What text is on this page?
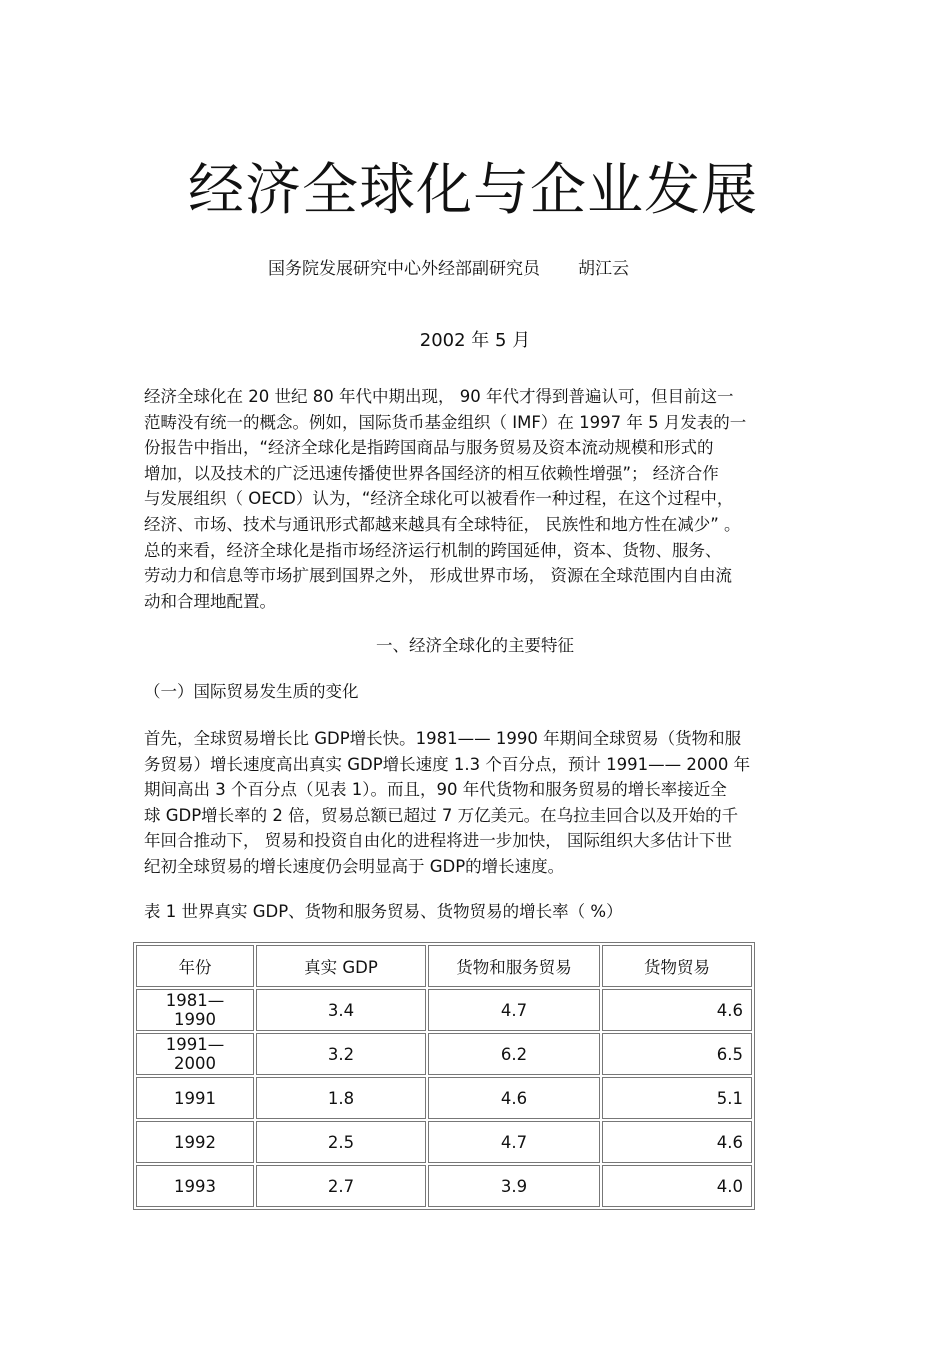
经济全球化与企业发展
国务院发展研究中心外经部副研究员 胡江云
2002 年 5 月

经济全球化在 20 世纪 80 年代中期出现， 90 年代才得到普遍认可，但目前这一
范畴没有统一的概念。例如，国际货币基金组织（ IMF）在 1997 年 5 月发表的一
份报告中指出，“经济全球化是指跨国商品与服务贸易及资本流动规模和形式的
增加，以及技术的广泛迅速传播使世界各国经济的相互依赖性增强”； 经济合作
与发展组织（ OECD）认为，“经济全球化可以被看作一种过程，在这个过程中，
经济、市场、技术与通讯形式都越来越具有全球特征， 民族性和地方性在减少” 。
总的来看，经济全球化是指市场经济运行机制的跨国延伸，资本、货物、服务、
劳动力和信息等市场扩展到国界之外， 形成世界市场， 资源在全球范围内自由流
动和合理地配置。

一、经济全球化的主要特征
（一）国际贸易发生质的变化

首先，全球贸易增长比 GDP增长快。1981—— 1990 年期间全球贸易（货物和服
务贸易）增长速度高出真实 GDP增长速度 1.3 个百分点，预计 1991—— 2000 年
期间高出 3 个百分点（见表 1）。而且，90 年代货物和服务贸易的增长率接近全
球 GDP增长率的 2 倍，贸易总额已超过 7 万亿美元。在乌拉圭回合以及开始的千
年回合推动下， 贸易和投资自由化的进程将进一步加快， 国际组织大多估计下世
纪初全球贸易的增长速度仍会明显高于 GDP的增长速度。

表 1 世界真实 GDP、货物和服务贸易、货物贸易的增长率（ %）
年份	真实 GDP	货物和服务贸易	货物贸易
1981— 1990	3.4	4.7	4.6
1991— 2000	3.2	6.2	6.5
1991	1.8	4.6	5.1
1992	2.5	4.7	4.6
1993	2.7	3.9	4.0
